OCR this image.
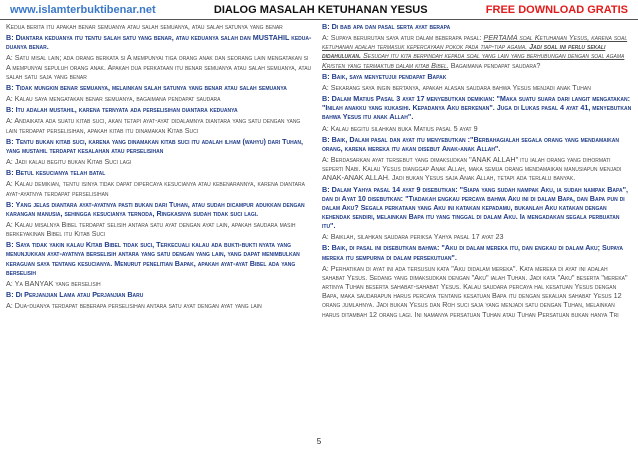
www.islamterbuktibenar.net	DIALOG MASALAH KETUHANAN YESUS	FREE DOWNLOAD GRATIS

Kedua berita itu apakah benar semuanya atau salah semuanya, atau salah satunya yang benar

B: Diantara keduanya itu tentu salah satu yang benar, atau keduanya salah dan MUSTAHIL kedua-duanya benar.

A: Satu misal lain; ada orang berkata si A mempunyai tiga orang anak dan seorang lain mengatakan si A mempunyai sepuluh orang anak. Apakah dua perkataan itu benar semuanya atau salah semuanya, atau salah satu saja yang benar

B: Tidak mungkin benar semuanya, melainkan salah satunya yang benar atau salah semuanya

A: Kalau saya mengatakan benar semuanya, bagaimana pendapat saudara

B: Itu adalah mustahil, karena ternyata ada perselisihan diantara keduanya

A: Andaikata ada suatu kitab suci, akan tetapi ayat-ayat didalamnya diantara yang satu dengan yang lain terdapat perselisihan, apakah kitab itu dinamakan Kitab Suci

B: Tentu bukan kitab suci, karena yang dinamakan kitab suci itu adalah ilham (wahyu) dari Tuhan, yang mustahil terdapat kesalahan atau perselisihan

A: Jadi kalau begitu bukan Kitab Suci lagi

B: Betul kesucianya telah batal

A: Kalau demikian, tentu isinya tidak dapat dipercaya kesucianya atau kebenarannya, karena diantara ayat-ayatnya terdapat perselisihan

B: Yang jelas diantara ayat-ayatnya pasti bukan dari Tuhan, atau sudah dicampur adukkan dengan karangan manusia, sehingga kesucianya ternoda, Ringkasnya sudah tidak suci lagi.

A: Kalau misalnya Bibel terdapat selisih antara satu ayat dengan ayat lain, apakah saudara masih berkeyakinan Bibel itu Kitab Suci

B: Saya tidak yakin kalau Kitab Bibel tidak suci, Terkecuali kalau ada bukti-bukti nyata yang menunjukkan ayat-ayatnya berselisih antara yang satu dengan yang lain, yang dapat menimbulkan keraguan saya tentang kesucianya. Menurut penelitian Bapak, apakah ayat-ayat Bibel ada yang berselisih

A: Ya BANYAK yang berselisih

B: Di Perjanjian Lama atau Perjanjian Baru

A: Dua-duanya terdapat beberapa perselisihan antara satu ayat dengan ayat yang lain

B: Di bab apa dan pasal serta ayat berapa

A: Supaya berurutan saya atur dalam beberapa pasal: PERTAMA soal Ketuhanan Yesus, karena soal ketuhanan adalah termasuk kepercayaan pokok pada tiap-tiap agama. Jadi soal ini perlu sekali didahulukan. Sesudah itu kita berpindah kepada soal yang lain yang berhubungan dengan soal agama Kristen yang termaktub dalam kitab Bibel. Bagaimana pendapat saudara?

B: Baik, saya menyetujui pendapat Bapak

A: Sekarang saya ingin bertanya, apakah alasan saudara bahwa Yesus menjadi anak Tuhan

B: Dalam Matius Pasal 3 ayat 17 menyebutkan demikian: "Maka suatu suara dari langit mengatakan: "Inilah anakku yang kukasihi. Kepadanya Aku berkenan". Juga di Lukas pasal 4 ayat 41, menyebutkan bahwa Yesus itu anak Allah".

A: Kalau begitu silahkan buka Matius pasal 5 ayat 9

B: Baik, Dalam pasal dan ayat itu menyebutkan :"Berbahagialah segala orang yang mendamaikan orang, karena mereka itu akan disebut Anak-anak Allah".

A: Berdasarkan ayat tersebut yang dimaksudkan "ANAK ALLAH" itu ialah orang yang dihormati seperti Nabi. Kalau Yesus dianggap Anak Allah, maka semua orang mendamaikan manusiapun menjadi ANAK-ANAK ALLAH. Jadi bukan Yesus saja Anak Allah, tetapi ada terlalu banyak.

B: Dalam Yahya pasal 14 ayat 9 disebutkan: "Siapa yang sudah nampak Aku, ia sudah nampak Bapa", dan di Ayat 10 disebutkan: "Tiadakah engkau percaya bahwa Aku ini di dalam Bapa, dan Bapa pun di dalam Aku? Segala perkataan yang Aku ini katakan kepadamu, bukanlah Aku katakan dengan kehendak sendiri, melainkan Bapa itu yang tinggal di dalam Aku. Ia mengadakan segala perbuatan itu".

A: Baiklah, silahkan saudara periksa Yahya pasal 17 ayat 23

B: Baik, di pasal ini disebutkan bahwa: "Aku di dalam mereka itu, dan engkau di dalam Aku; Supaya mereka itu sempurna di dalam persekutuan".

A: Perhatikan di ayat ini ada tersusun kata "Aku didalam mereka". Kata mereka di ayat ini adalah sahabat Yesus. Sedang yang dimaksudkan dengan "Aku" ialah Tuhan. Jadi kata "Aku" beserta "mereka" artinya Tuhan beserta sahabat-sahabat Yesus. Kalau saudara percaya hal kesatuan Yesus dengan Bapa, maka saudarapun harus percaya tentang kesatuan Bapa itu dengan sekalian sahabat Yesus 12 orang jumlahnya. Jadi bukan Yesus dan Roh suci saja yang menjadi satu dengan Tuhan, melainkan harus ditambah 12 orang lagi. Ini namanya persatuan Tuhan atau Tuhan Persatuan bukan hanya Tri

5
